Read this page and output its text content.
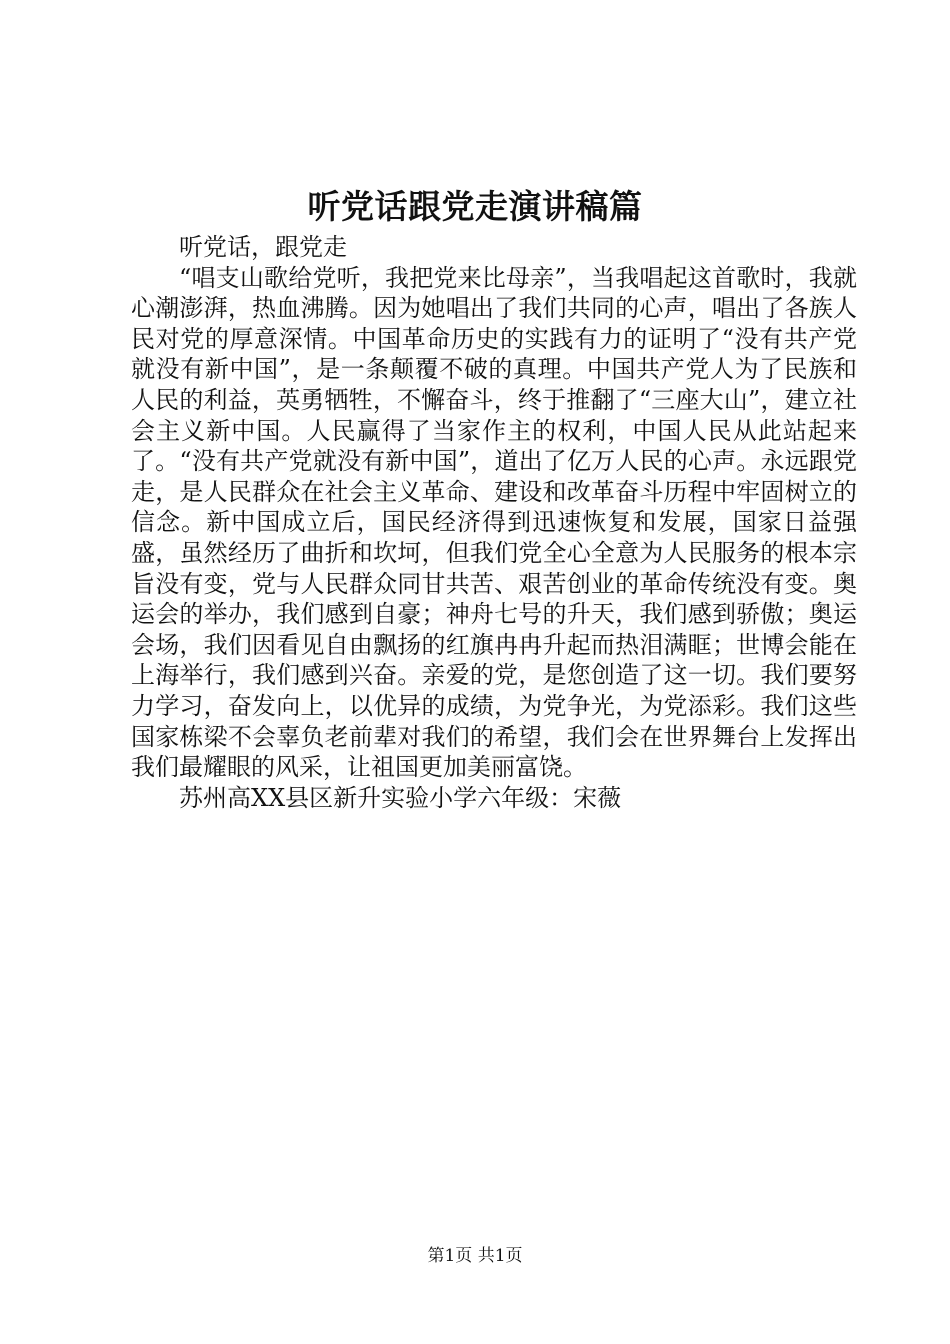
听党话跟党走演讲稿篇

听党话，跟党走

“唱支山歌给党听，我把党来比母亲”，当我唱起这首歌时，我就心潮澎湃，热血沸腾。因为她唱出了我们共同的心声，唱出了各族人民对党的厚意深情。中国革命历史的实践有力的证明了“没有共产党就没有新中国”，是一条颠覆不破的真理。中国共产党人为了民族和人民的利益，英勇牺牲，不懈奋斗，终于推翻了“三座大山”，建立社会主义新中国。人民赢得了当家作主的权利，中国人民从此站起来了。“没有共产党就没有新中国”，道出了亿万人民的心声。永远跟党走，是人民群众在社会主义革命、建设和改革奋斗历程中牢固树立的信念。新中国成立后，国民经济得到迅速恢复和发展，国家日益强盛，虽然经历了曲折和坎坷，但我们党全心全意为人民服务的根本宗旨没有变，党与人民群众同甘共苦、艰苦创业的革命传统没有变。奥运会的举办，我们感到自豪；神舟七号的升天，我们感到骄傲；奥运会场，我们因看见自由飘扬的红旗冉冉升起而热泪满眶；世博会能在上海举行，我们感到兴奋。亲爱的党，是您创造了这一切。我们要努力学习，奋发向上，以优异的成绩，为党争光，为党添彩。我们这些国家栋梁不会辜负老前辈对我们的希望，我们会在世界舞台上发挥出我们最耀眼的风采，让祖国更加美丽富饶。

苏州高XX县区新升实验小学六年级：宋薇

第1页 共1页
